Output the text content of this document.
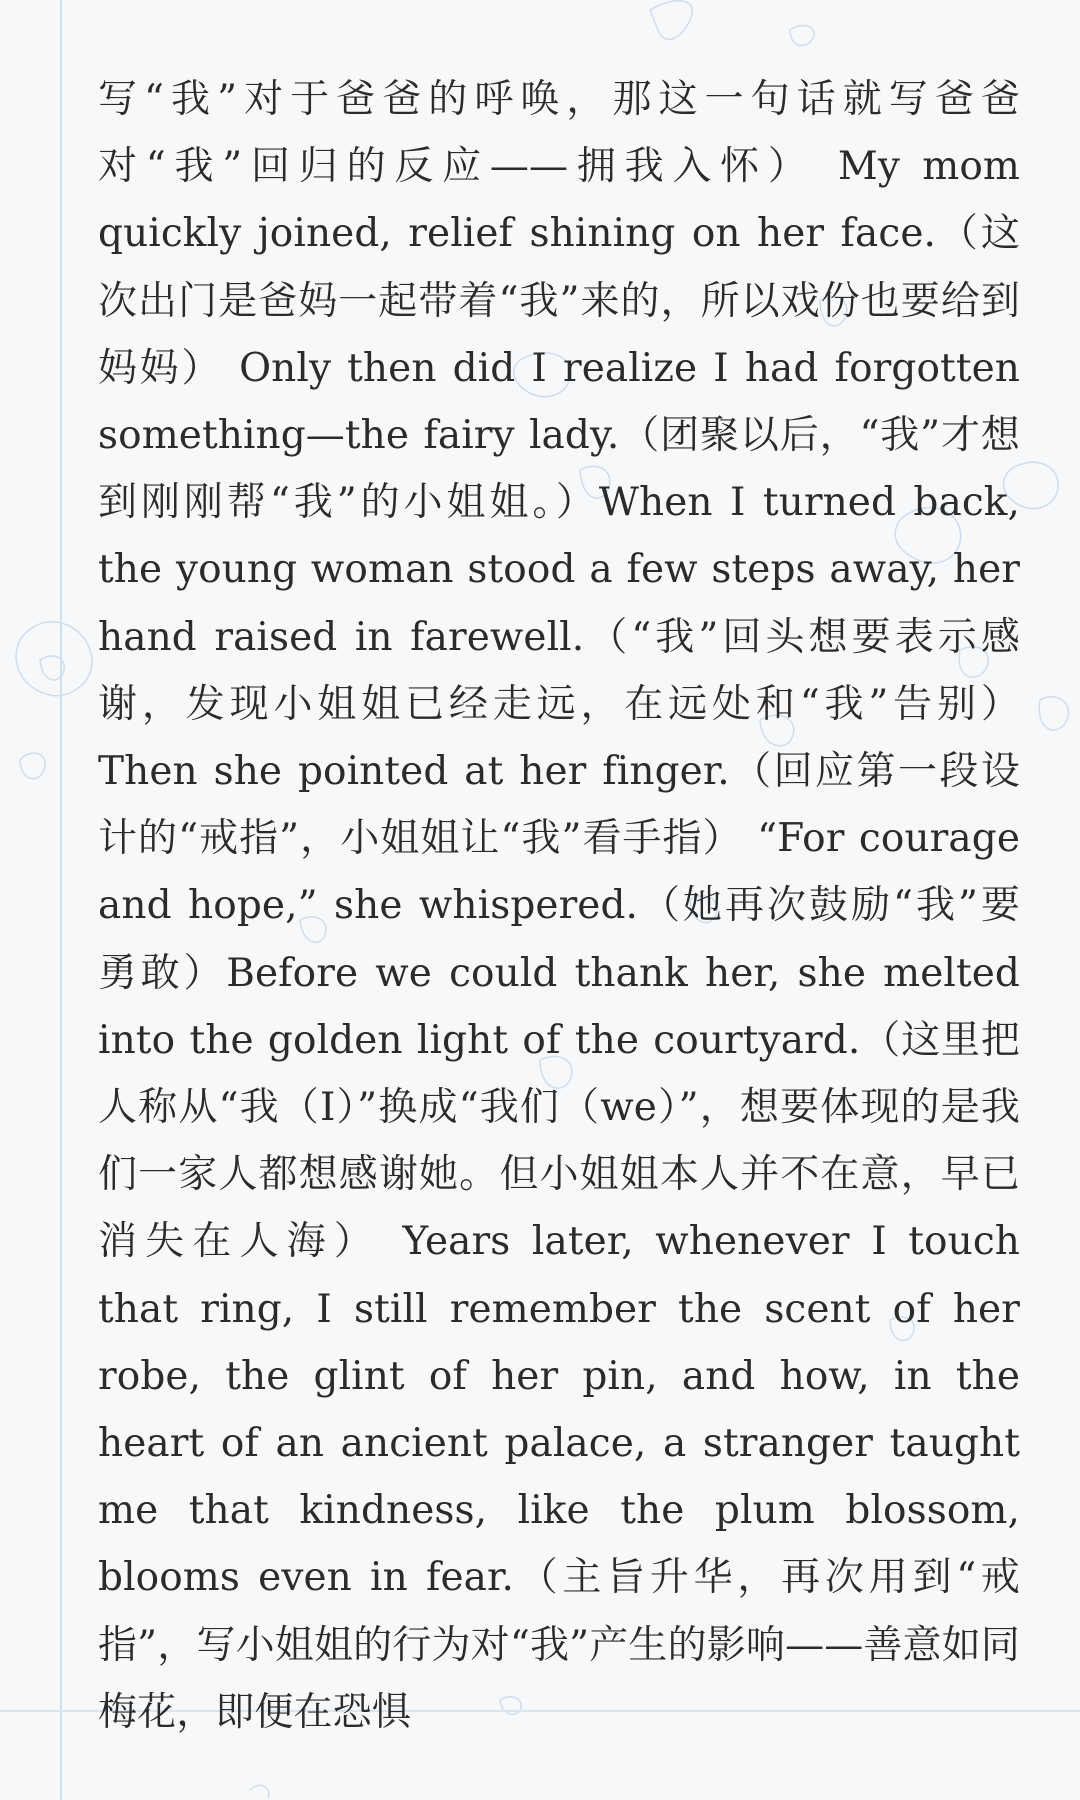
写“我”对于爸爸的呼唤，那这一句话就写爸爸对“我”回归的反应——拥我入怀） My mom quickly joined, relief shining on her face.（这次出门是爸妈一起带着“我”来的，所以戏份也要给到妈妈） Only then did I realize I had forgotten something—the fairy lady.（团聚以后，“我”才想到刚刚帮“我”的小姐姐。）When I turned back, the young woman stood a few steps away, her hand raised in farewell.（“我”回头想要表示感谢，发现小姐姐已经走远，在远处和“我”告别） Then she pointed at her finger.（回应第一段设计的“戒指”，小姐姐让“我”看手指） “For courage and hope,” she whispered.（她再次鼓励“我”要勇敢）Before we could thank her, she melted into the golden light of the courtyard.（这里把人称从“我（I）”换成“我们（we）”，想要体现的是我们一家人都想感谢她。但小姐姐本人并不在意，早已消失在人海） Years later, whenever I touch that ring, I still remember the scent of her robe, the glint of her pin, and how, in the heart of an ancient palace, a stranger taught me that kindness, like the plum blossom, blooms even in fear.（主旨升华，再次用到“戒指”，写小姐姐的行为对“我”产生的影响——善意如同梅花，即便在恐惧
